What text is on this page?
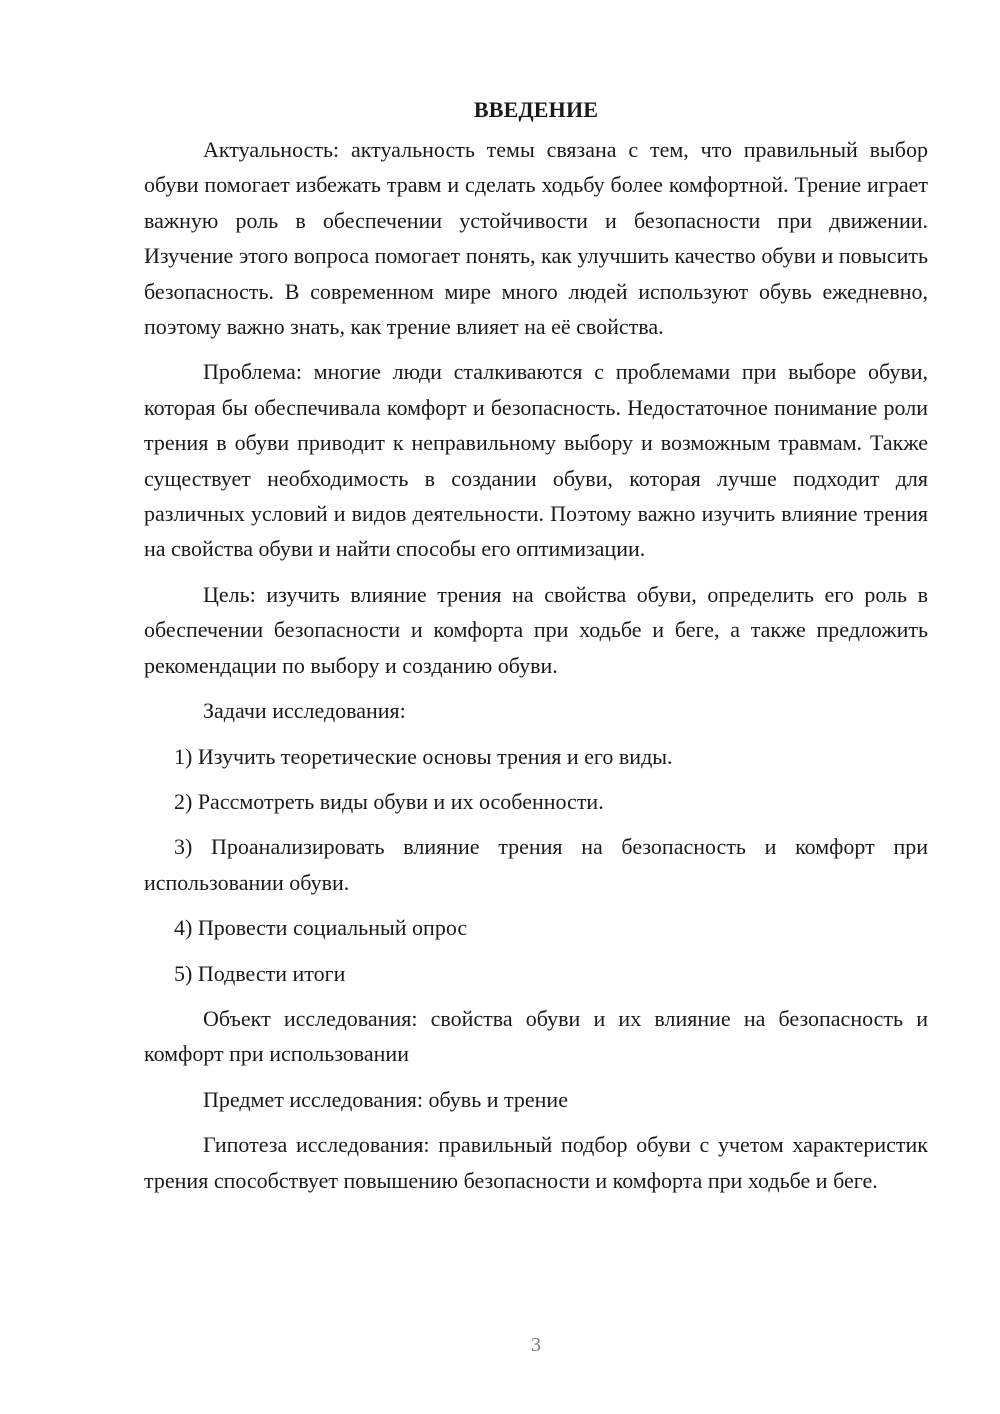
ВВЕДЕНИЕ

Актуальность: актуальность темы связана с тем, что правильный выбор обуви помогает избежать травм и сделать ходьбу более комфортной. Трение играет важную роль в обеспечении устойчивости и безопасности при движении. Изучение этого вопроса помогает понять, как улучшить качество обуви и повысить безопасность. В современном мире много людей используют обувь ежедневно, поэтому важно знать, как трение влияет на её свойства.

Проблема: многие люди сталкиваются с проблемами при выборе обуви, которая бы обеспечивала комфорт и безопасность. Недостаточное понимание роли трения в обуви приводит к неправильному выбору и возможным травмам. Также существует необходимость в создании обуви, которая лучше подходит для различных условий и видов деятельности. Поэтому важно изучить влияние трения на свойства обуви и найти способы его оптимизации.

Цель: изучить влияние трения на свойства обуви, определить его роль в обеспечении безопасности и комфорта при ходьбе и беге, а также предложить рекомендации по выбору и созданию обуви.

Задачи исследования:

1) Изучить теоретические основы трения и его виды.

2) Рассмотреть виды обуви и их особенности.

3) Проанализировать влияние трения на безопасность и комфорт при использовании обуви.

4) Провести социальный опрос

5) Подвести итоги

Объект исследования: свойства обуви и их влияние на безопасность и комфорт при использовании

Предмет исследования: обувь и трение

Гипотеза исследования: правильный подбор обуви с учетом характеристик трения способствует повышению безопасности и комфорта при ходьбе и беге.

3
